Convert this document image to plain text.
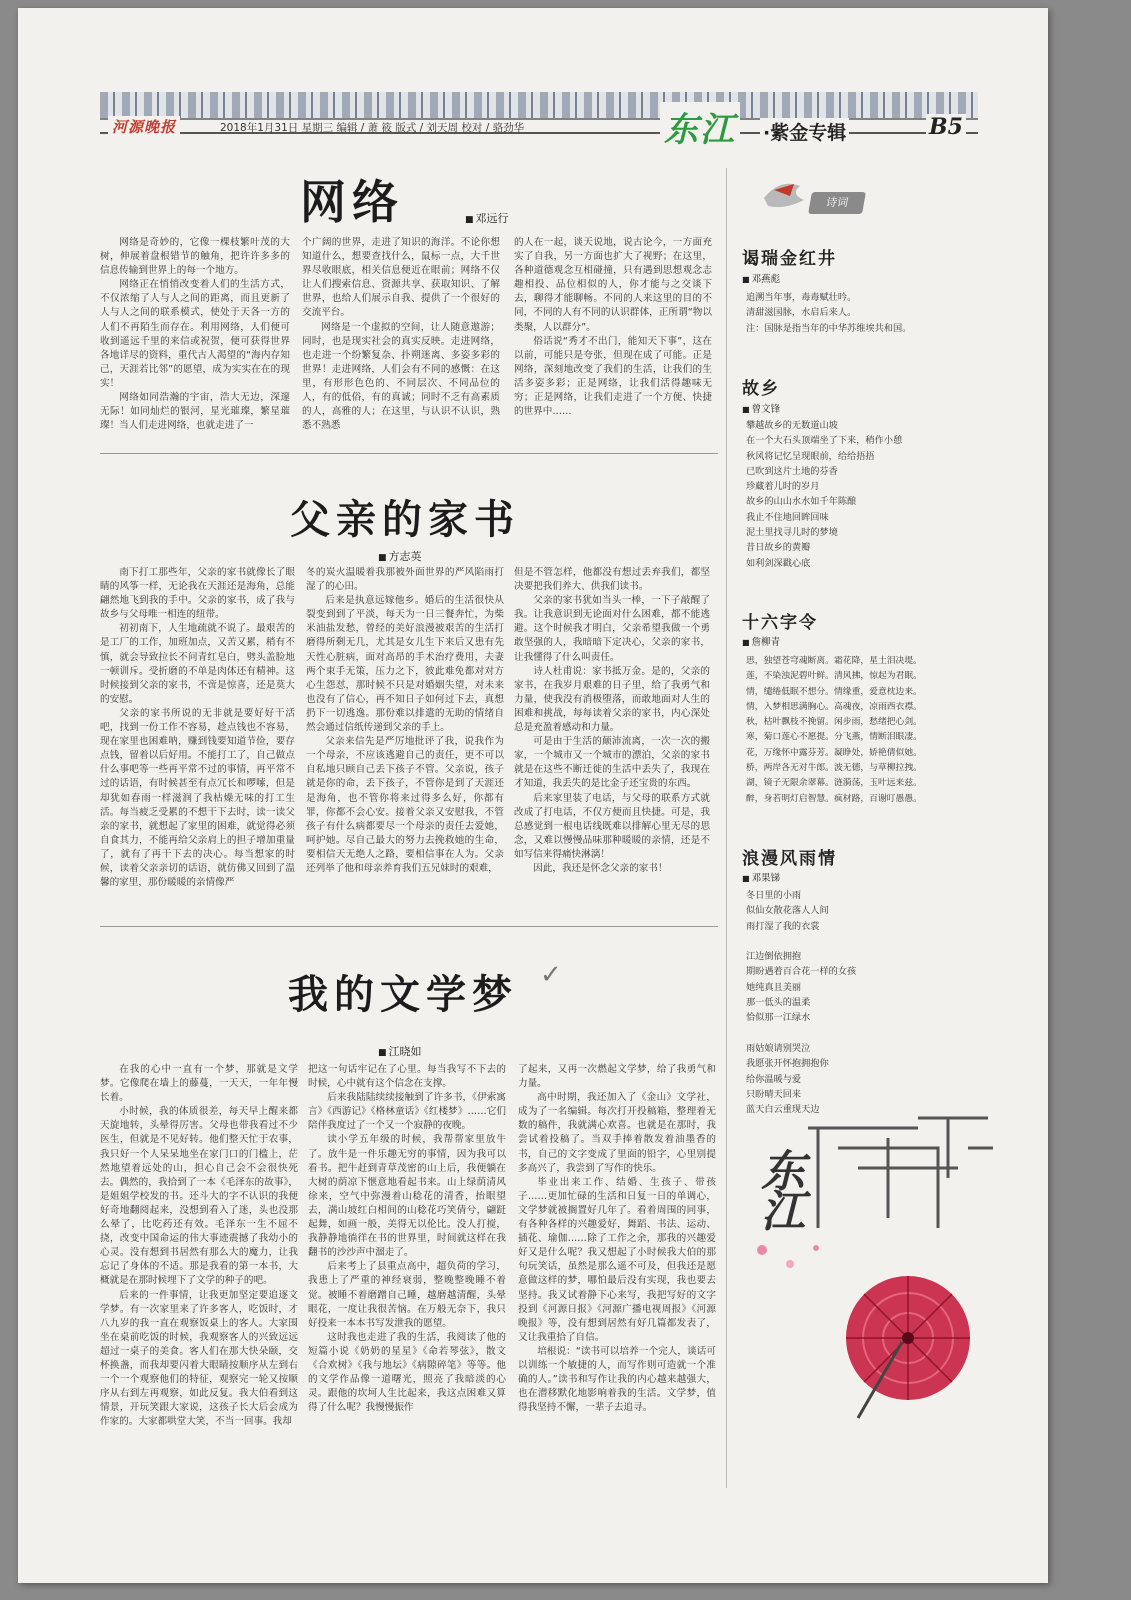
河源晚报	2018年1月31日 星期三 编辑 / 萧 筱 版式 / 刘天周 校对 / 骆劲华	东江 ·紫金专辑	B5
网络
■	邓远行

网络是奇妙的，它像一棵枝繁叶茂的大树，伸展着盘根错节的触角，把许许多多的信息传输到世界上的每一个地方。

网络正在悄悄改变着人们的生活方式，不仅浓缩了人与人之间的距离，而且更新了人与人之间的联系模式，使处于天各一方的人们不再陌生而存在。利用网络，人们便可收到遥远千里的来信或祝贺，便可获得世界各地详尽的资料，重代古人渴望的“海内存知己，天涯若比邻”的愿望，成为实实在在的现实！

网络如同浩瀚的宇宙，浩大无边，深邃无际！如同灿烂的银河，星光璀璨，繁星璀璨！当人们走进网络，也就走进了一

个广阔的世界，走进了知识的海洋。不论你想知道什么，想要查找什么，鼠标一点，大千世界尽收眼底，相关信息便近在眼前；网络不仅让人们搜索信息、资源共享、获取知识、了解世界，也给人们展示自我、提供了一个很好的交流平台。

网络是一个虚拟的空间，让人随意遨游；同时，也是现实社会的真实反映。走进网络，也走进一个纷繁复杂、扑朔迷离、多姿多彩的世界！走进网络，人们会有不同的感慨：在这里，有形形色色的、不同层次、不同品位的人，有的低俗，有的真诚；同时不乏有高素质的人，高雅的人；在这里，与认识不认识，熟悉不熟悉

的人在一起，谈天说地，说古论今，一方面充实了自我，另一方面也扩大了视野；在这里，各种道德观念互相碰撞，只有遇到思想观念志趣相投、品位相似的人，你才能与之交谈下去，聊得才能聊畅。不同的人来这里的目的不同，不同的人有不同的认识群体，正所谓“物以类聚，人以群分”。

俗话说“秀才不出门，能知天下事”，这在以前，可能只是夸张，但现在成了可能。正是网络，深刻地改变了我们的生活，让我们的生活多姿多彩；正是网络，让我们活得趣味无穷；正是网络，让我们走进了一个方便、快捷的世界中……

父亲的家书
■ 方志英

南下打工那些年，父亲的家书就像长了眼睛的风筝一样，无论我在天涯还是海角，总能翩然地飞到我的手中。父亲的家书，成了我与故乡与父母唯一相连的纽带。

初初南下，人生地疏就不说了。最艰苦的是工厂的工作，加班加点，又苦又累，稍有不慎，就会导致拉长不问青红皂白，劈头盖脸地一顿训斥。受折磨的不单是肉体还有精神。这时候接到父亲的家书，不啻是惊喜，还是莫大的安慰。

父亲的家书所说的无非就是要好好干活吧，找到一份工作不容易，趁点钱也不容易，现在家里也困难呐，赚到钱要知道节俭，要存点钱，留着以后好用。不能打工了，自己做点什么事吧等一些再平常不过的事情，再平常不过的话语，有时候甚至有点冗长和啰嗦，但是却犹如春雨一样滋润了我枯燥无味的打工生活。每当疲乏受累的不想干下去时，读一读父亲的家书，就想起了家里的困难，就觉得必须自食其力，不能再给父亲肩上的担子增加重量了，就有了再干下去的决心。每当想家的时候，读着父亲亲切的话语，就仿佛又回到了温馨的家里，那份暖暖的亲情像严

冬的炭火温暖着我那被外面世界的严风陷雨打湿了的心田。

后来是执意远嫁他乡。婚后的生活很快从裂变到到了平淡，每天为一日三餐奔忙，为柴米油盐发愁，曾经的美好浪漫被艰苦的生活打磨得所剩无几，尤其是女儿生下来后又患有先天性心脏病，面对高昂的手术治疗费用，夫妻两个束手无策，压力之下，彼此难免都对对方心生怨怼，那时候不只是对婚姻失望，对未来也没有了信心，再不知日子如何过下去，真想扔下一切逃逸。那份难以排遣的无助的情绪自然会通过信纸传递到父亲的手上。

父亲来信先是严厉地批评了我，说我作为一个母亲，不应该逃避自己的责任，更不可以自私地只顾自己丢下孩子不管。父亲说，孩子就是你的命，丢下孩子，不管你是到了天涯还是海角，也不管你将来过得多么好，你都有罪，你都不会心安。接着父亲又安慰我，不管孩子有什么病都要尽一个母亲的责任去爱她，呵护她。尽自己最大的努力去挽救她的生命，要相信天无绝人之路，要相信事在人为。父亲还列举了他和母亲养育我们五兄妹时的艰难，

但是不管怎样，他都没有想过丢弃我们，都坚决要把我们养大、供我们读书。

父亲的家书犹如当头一棒，一下子敲醒了我。让我意识到无论面对什么困难，都不能逃避。这个时候我才明白，父亲希望我做一个勇敢坚强的人，我暗暗下定决心，父亲的家书，让我懂得了什么叫责任。

诗人杜甫说：家书抵万金。是的，父亲的家书，在我岁月艰难的日子里，给了我勇气和力量，使我没有消极堕落，而敢地面对人生的困难和挑战，每每读着父亲的家书，内心深处总是充盈着感动和力量。

可是由于生活的颠沛流离，一次一次的搬家，一个城市又一个城市的漂泊，父亲的家书就是在这些不断迁徙的生活中丢失了，我现在才知道，我丢失的是比金子还宝贵的东西。

后来家里装了电话，与父母的联系方式就改成了打电话，不仅方便而且快捷。可是，我总感觉到一根电话线既难以排解心里无尽的思念，又难以慢慢品味那种暖暖的亲情，还是不如写信来得痛快淋漓！

因此，我还是怀念父亲的家书！

我的文学梦 ✓
■ 江晓如

在我的心中一直有一个梦，那就是文学梦。它像爬在墙上的藤蔓，一天天，一年年慢长着。

小时候，我的体质很差，每天早上醒来都天旋地转，头晕得厉害。父母也带我看过不少医生，但就是不见好转。他们整天忙于农事，我只好一个人呆呆地坐在家门口的门槛上，茫然地望着远处的山，担心自己会不会很快死去。偶然的，我拾到了一本《毛泽东的故事》，是姐姐学校发的书。还斗大的字不认识的我便好奇地翻阅起来，没想到看入了迷，头也没那么晕了，比吃药还有效。毛泽东一生不屈不挠，改变中国命运的伟大事迹震撼了我幼小的心灵。没有想到书居然有那么大的魔力，让我忘记了身体的不适。那是我看的第一本书，大概就是在那时候埋下了文学的种子的吧。

后来的一件事情，让我更加坚定要追逐文学梦。有一次家里来了许多客人，吃饭时，才八九岁的我一直在观察饭桌上的客人。大家围坐在桌前吃饭的时候，我观察客人的兴致远远超过一桌子的美食。客人们在那大快朵颐，交杯换盏，而我却要闪着大眼睛按顺序从左到右一个一个观察他们的特征，观察完一轮又按顺序从右到左再观察，如此反复。我大伯看到这情景，开玩笑跟大家说，这孩子长大后会成为作家的。大家都哄堂大笑，不当一回事。我却

把这一句话牢记在了心里。每当我写不下去的时候，心中就有这个信念在支撑。

后来我陆陆续续接触到了许多书，《伊索寓言》《西游记》《格林童话》《红楼梦》……它们陪伴我度过了一个又一个寂静的夜晚。

读小学五年级的时候，我帮帮家里放牛了。放牛是一件乐趣无穷的事情，因为我可以看书。把牛赶到青草茂密的山上后，我便躺在大树的荫凉下惬意地看起书来。山上绿荫清风徐来，空气中弥漫着山稔花的清香，抬眼望去，满山坡红白相间的山稔花巧笑倩兮，翩跹起舞，如画一般，美得无以伦比。没人打搅，我静静地徜徉在书的世界里，时间就这样在我翻书的沙沙声中溜走了。

后来考上了县重点高中，超负荷的学习，我患上了严重的神经衰弱，整晚整晚睡不着觉。被睡不着磨蹭自己睡，越磨越清醒，头晕眼花，一度让我很苦恼。在万般无奈下，我只好投来一本本书写发泄我的愿望。

这时我也走进了我的生活，我阅读了他的短篇小说《奶奶的星星》《命若琴弦》，散文《合欢树》《我与地坛》《病隙碎笔》等等。他的文学作品像一道曙光，照亮了我暗淡的心灵。跟他的坎坷人生比起来，我这点困难又算得了什么呢？我慢慢振作

了起来，又再一次燃起文学梦，给了我勇气和力量。

高中时期，我还加入了《金山》文学社，成为了一名编辑。每次打开投稿箱，整理着无数的稿件，我就满心欢喜。也就是在那时，我尝试着投稿了。当双手捧着散发着油墨香的书，自己的文字变成了里面的铅字，心里别提多高兴了，我尝到了写作的快乐。

毕业出来工作、结婚、生孩子、带孩子……更加忙碌的生活和日复一日的单调心，文学梦就被搁置好几年了。看着周围的同事，有各种各样的兴趣爱好，舞蹈、书法、运动、插花、瑜伽……除了工作之余，那我的兴趣爱好又是什么呢？我又想起了小时候我大伯的那句玩笑话，虽然是那么遥不可及，但我还是愿意做这样的梦，哪怕最后没有实现，我也要去坚持。我又试着静下心来写，我把写好的文字投到《河源日报》《河源广播电视周报》《河源晚报》等，没有想到居然有好几篇都发表了，又让我重拾了自信。

培根说：“读书可以培养一个完人，谈话可以训练一个敏捷的人，而写作则可造就一个准确的人。”读书和写作让我的内心越来越强大，也在潜移默化地影响着我的生活。文学梦，值得我坚持不懈，一辈子去追寻。

诗词
谒瑞金红井
■ 邓燕彪
追溯当年事，毒毒赋壮吟。
清甜滋国脉，水启后来人。
注：国脉是指当年的中华苏维埃共和国。
故乡
■ 曾文锋
攀越故乡的无数道山坡
在一个大石头顶端坐了下来，稍作小憩
秋风将记忆呈现眼前，给给捂捂
已吹到这片土地的芬香
珍藏着儿时的岁月
故乡的山山水水如千年陈酿
我止不住地回眸回味
泥土里找寻儿时的梦境
昔日故乡的黄瓣
如利剑深戳心底
十六字令
■ 詹柳青
思，独望苍穹魂断离。霜花降，星土泪决堤。
莲，不染浊泥碧叶鲜。清风拂，惊起为君眠。
情，缱绻低眠不想分。情缘重，爱意枕边来。
情，入梦相思满胸心。高魂夜，凉雨西衣襟。
秋，枯叶飘枝不挽留。闲步雨，愁绪把心剑。
寒，菊口莲心不愿提。分飞燕，情断泪眼凄。
花，万缘怀中露芬芳。凝睁处，娇艳倩似她。
桥，两岸各无对牛郎。波无德，与草柳拉拽。
湖，镜子无限余翠幕。涟漪荡，玉叶远来兹。
醉，身若明灯启智慧。疯材路，百谢叮愚愚。
浪漫风雨情
■ 邓果锑
冬日里的小雨
似仙女散花落人人间
雨打湿了我的衣裳
江边倒依拥抱
期盼遇着百合花一样的女孩
她纯真且美丽
那一低头的温柔
恰似那一江绿水
雨姑娘请别哭泣
我愿张开怀抱拥抱你
给你温暖与爱
只盼晴天回来
蓝天白云重现天边
东江
